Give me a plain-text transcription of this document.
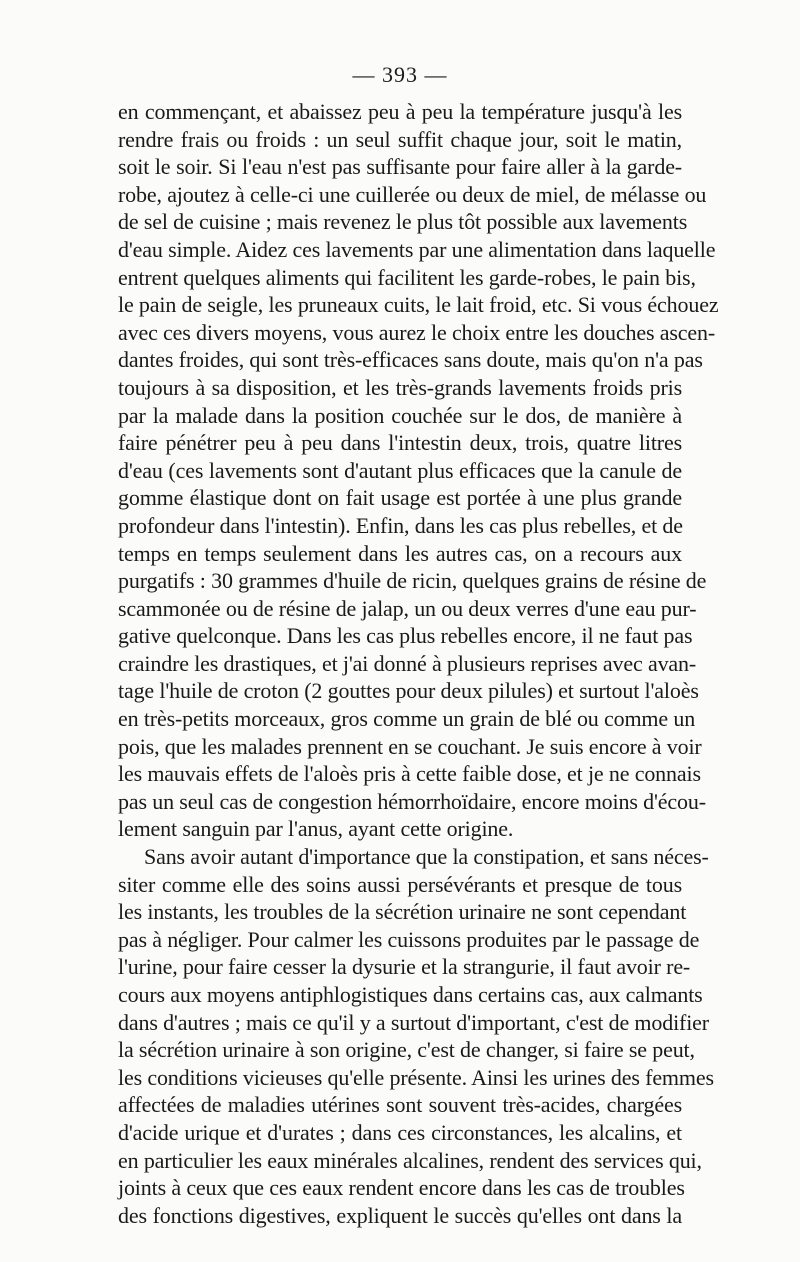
— 393 —
en commençant, et abaissez peu à peu la température jusqu'à les
rendre frais ou froids : un seul suffit chaque jour, soit le matin,
soit le soir. Si l'eau n'est pas suffisante pour faire aller à la garde-
robe, ajoutez à celle-ci une cuillerée ou deux de miel, de mélasse ou
de sel de cuisine ; mais revenez le plus tôt possible aux lavements
d'eau simple. Aidez ces lavements par une alimentation dans laquelle
entrent quelques aliments qui facilitent les garde-robes, le pain bis,
le pain de seigle, les pruneaux cuits, le lait froid, etc. Si vous échouez
avec ces divers moyens, vous aurez le choix entre les douches ascen-
dantes froides, qui sont très-efficaces sans doute, mais qu'on n'a pas
toujours à sa disposition, et les très-grands lavements froids pris
par la malade dans la position couchée sur le dos, de manière à
faire pénétrer peu à peu dans l'intestin deux, trois, quatre litres
d'eau (ces lavements sont d'autant plus efficaces que la canule de
gomme élastique dont on fait usage est portée à une plus grande
profondeur dans l'intestin). Enfin, dans les cas plus rebelles, et de
temps en temps seulement dans les autres cas, on a recours aux
purgatifs : 30 grammes d'huile de ricin, quelques grains de résine de
scammonée ou de résine de jalap, un ou deux verres d'une eau pur-
gative quelconque. Dans les cas plus rebelles encore, il ne faut pas
craindre les drastiques, et j'ai donné à plusieurs reprises avec avan-
tage l'huile de croton (2 gouttes pour deux pilules) et surtout l'aloès
en très-petits morceaux, gros comme un grain de blé ou comme un
pois, que les malades prennent en se couchant. Je suis encore à voir
les mauvais effets de l'aloès pris à cette faible dose, et je ne connais
pas un seul cas de congestion hémorrhoïdaire, encore moins d'écou-
lement sanguin par l'anus, ayant cette origine.
Sans avoir autant d'importance que la constipation, et sans néces-
siter comme elle des soins aussi persévérants et presque de tous
les instants, les troubles de la sécrétion urinaire ne sont cependant
pas à négliger. Pour calmer les cuissons produites par le passage de
l'urine, pour faire cesser la dysurie et la strangurie, il faut avoir re-
cours aux moyens antiphlogistiques dans certains cas, aux calmants
dans d'autres ; mais ce qu'il y a surtout d'important, c'est de modifier
la sécrétion urinaire à son origine, c'est de changer, si faire se peut,
les conditions vicieuses qu'elle présente. Ainsi les urines des femmes
affectées de maladies utérines sont souvent très-acides, chargées
d'acide urique et d'urates ; dans ces circonstances, les alcalins, et
en particulier les eaux minérales alcalines, rendent des services qui,
joints à ceux que ces eaux rendent encore dans les cas de troubles
des fonctions digestives, expliquent le succès qu'elles ont dans la
